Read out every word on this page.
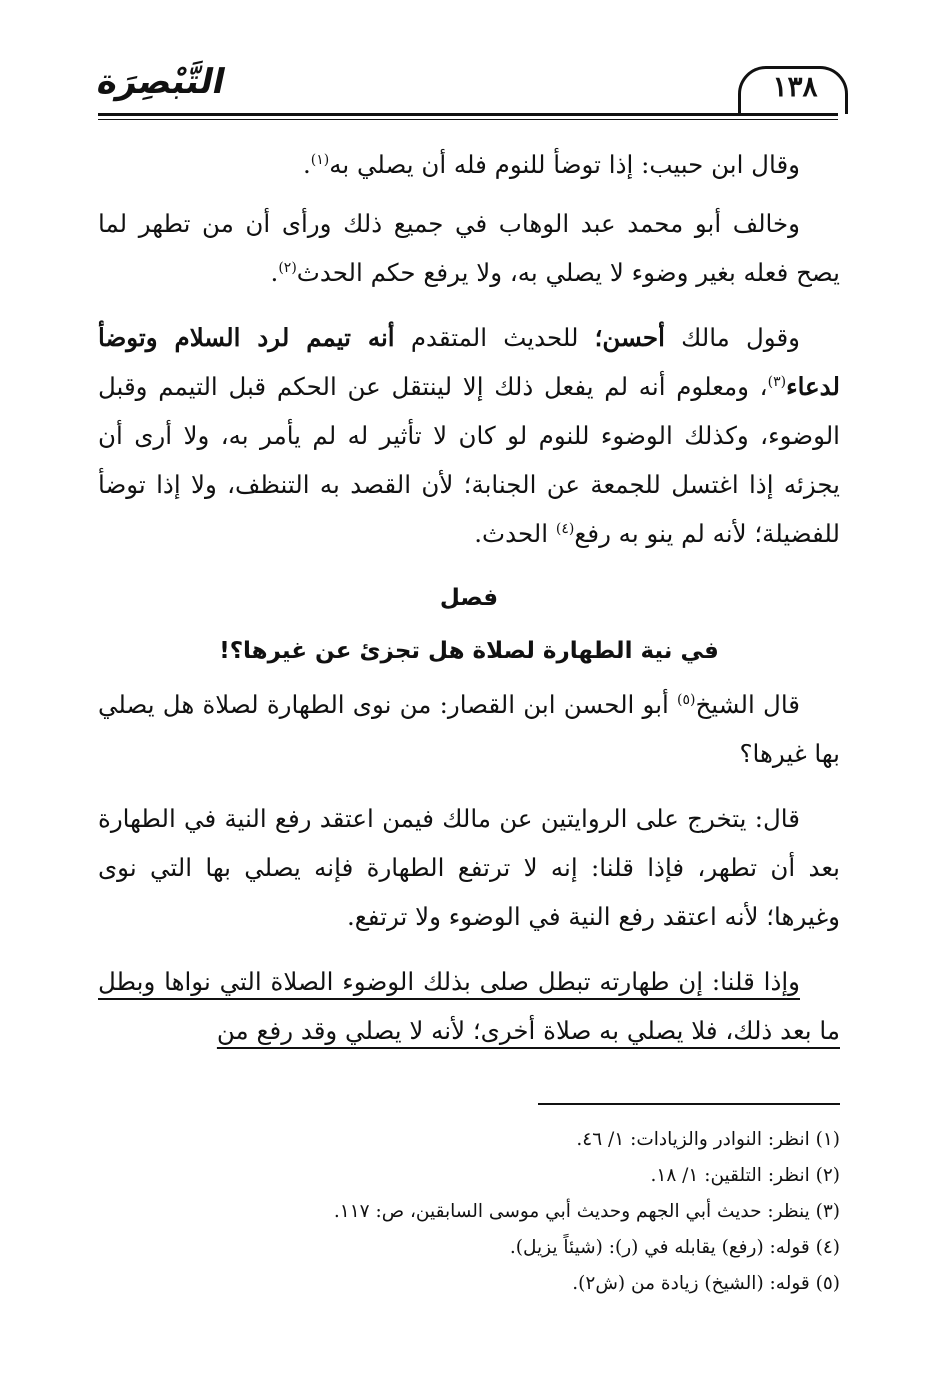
التَّبْصِرَة	١٣٨

وقال ابن حبيب: إذا توضأ للنوم فله أن يصلي به$^{(١)}$.

وخالف أبو محمد عبد الوهاب في جميع ذلك ورأى أن من تطهر لما يصح فعله بغير وضوء لا يصلي به، ولا يرفع حكم الحدث$^{(٢)}$.

وقول مالك أحسن؛ للحديث المتقدم أنه تيمم لرد السلام وتوضأ لدعاء$^{(٣)}$، ومعلوم أنه لم يفعل ذلك إلا لينتقل عن الحكم قبل التيمم وقبل الوضوء، وكذلك الوضوء للنوم لو كان لا تأثير له لم يأمر به، ولا أرى أن يجزئه إذا اغتسل للجمعة عن الجنابة؛ لأن القصد به التنظف، ولا إذا توضأ للفضيلة؛ لأنه لم ينو به رفع$^{(٤)}$ الحدث.

فصل

في نية الطهارة لصلاة هل تجزئ عن غيرها؟!

قال الشيخ$^{(٥)}$ أبو الحسن ابن القصار: من نوى الطهارة لصلاة هل يصلي بها غيرها؟

قال: يتخرج على الروايتين عن مالك فيمن اعتقد رفع النية في الطهارة بعد أن تطهر، فإذا قلنا: إنه لا ترتفع الطهارة فإنه يصلي بها التي نوى وغيرها؛ لأنه اعتقد رفع النية في الوضوء ولا ترتفع.

وإذا قلنا: إن طهارته تبطل صلى بذلك الوضوء الصلاة التي نواها وبطل ما بعد ذلك، فلا يصلي به صلاة أخرى؛ لأنه لا يصلي وقد رفع من

(١) انظر: النوادر والزيادات: ١/ ٤٦.
(٢) انظر: التلقين: ١/ ١٨.
(٣) ينظر: حديث أبي الجهم وحديث أبي موسى السابقين، ص: ١١٧.
(٤) قوله: (رفع) يقابله في (ر): (شيئاً يزيل).
(٥) قوله: (الشيخ) زيادة من (ش٢).
